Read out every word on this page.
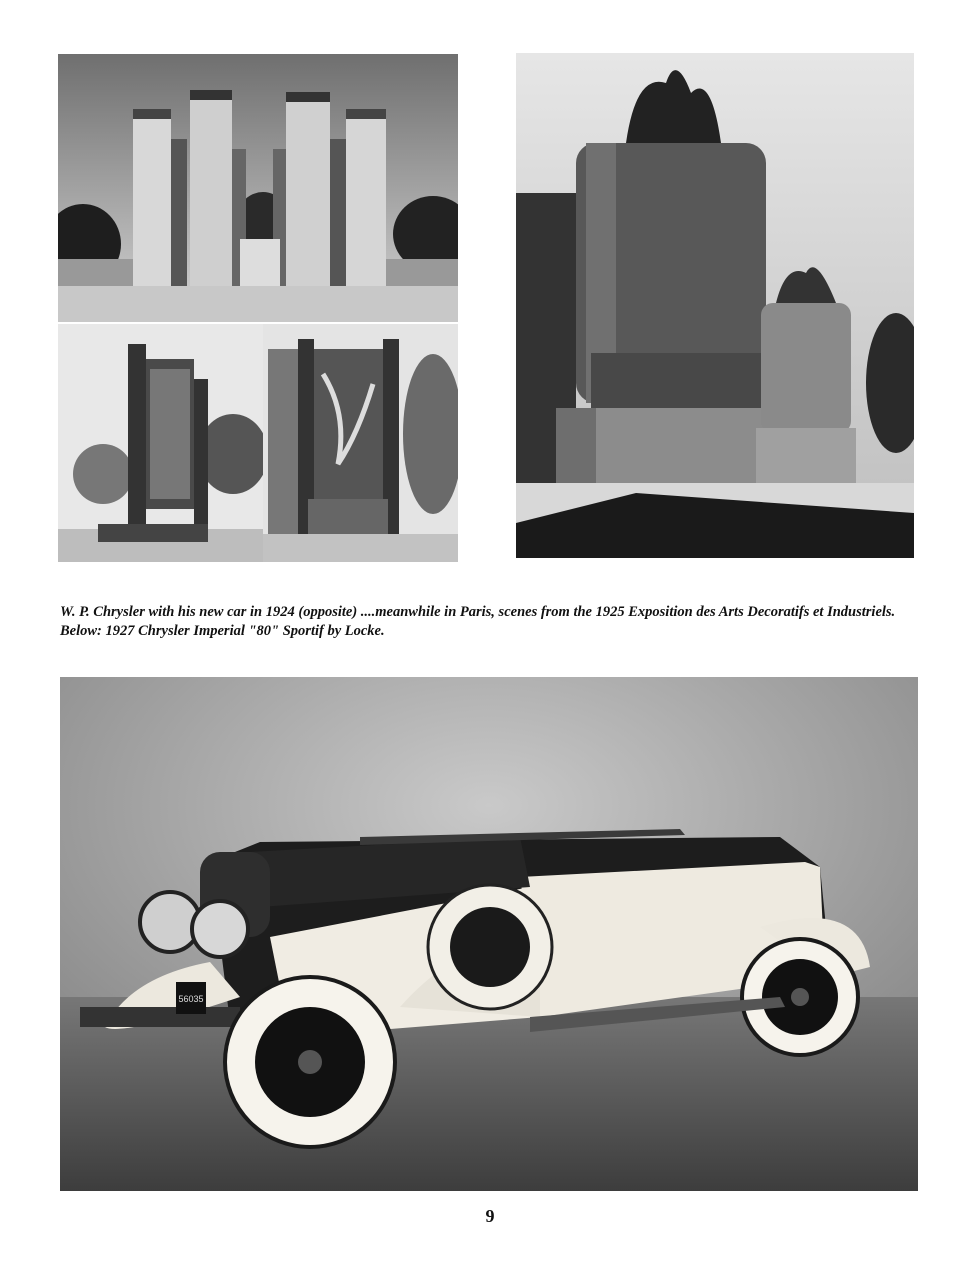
W. P. Chrysler with his new car in 1924 (opposite) ....meanwhile in Paris, scenes from the 1925 Exposition des Arts Decoratifs et Industriels. Below: 1927 Chrysler Imperial "80" Sportif by Locke.
56035
9
